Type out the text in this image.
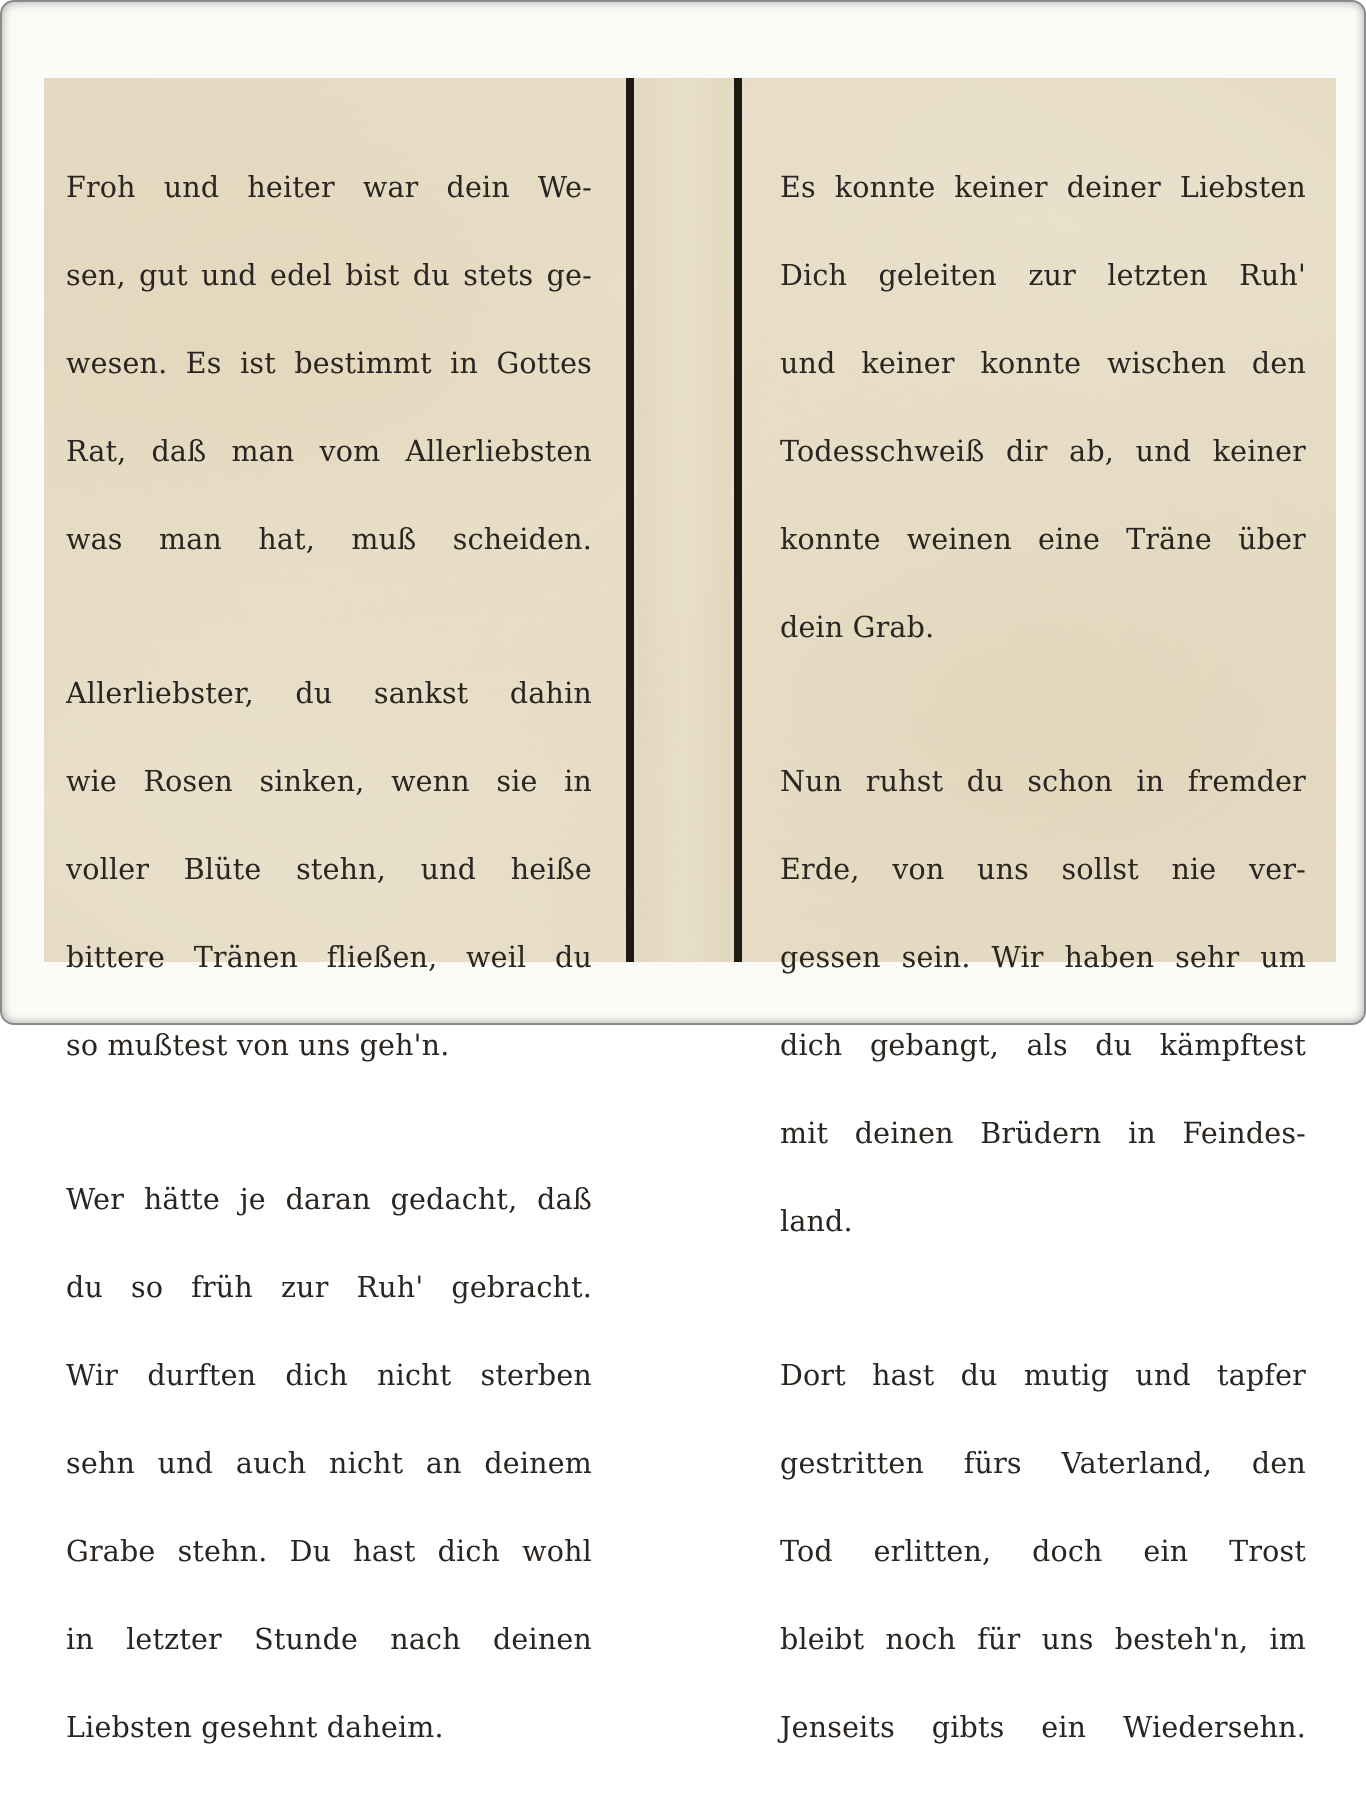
Froh und heiter war dein We-

sen, gut und edel bist du stets ge-

wesen. Es ist bestimmt in Gottes

Rat, daß man vom Allerliebsten

was man hat, muß scheiden.

Allerliebster, du sankst dahin

wie Rosen sinken, wenn sie in

voller Blüte stehn, und heiße

bittere Tränen fließen, weil du

so mußtest von uns geh'n.

Wer hätte je daran gedacht, daß

du so früh zur Ruh' gebracht.

Wir durften dich nicht sterben

sehn und auch nicht an deinem

Grabe stehn. Du hast dich wohl

in letzter Stunde nach deinen

Liebsten gesehnt daheim.

Es konnte keiner deiner Liebsten

Dich geleiten zur letzten Ruh'

und keiner konnte wischen den

Todesschweiß dir ab, und keiner

konnte weinen eine Träne über

dein Grab.

Nun ruhst du schon in fremder

Erde, von uns sollst nie ver-

gessen sein. Wir haben sehr um

dich gebangt, als du kämpftest

mit deinen Brüdern in Feindes-

land.

Dort hast du mutig und tapfer

gestritten fürs Vaterland, den

Tod erlitten, doch ein Trost

bleibt noch für uns besteh'n, im

Jenseits gibts ein Wiedersehn.
